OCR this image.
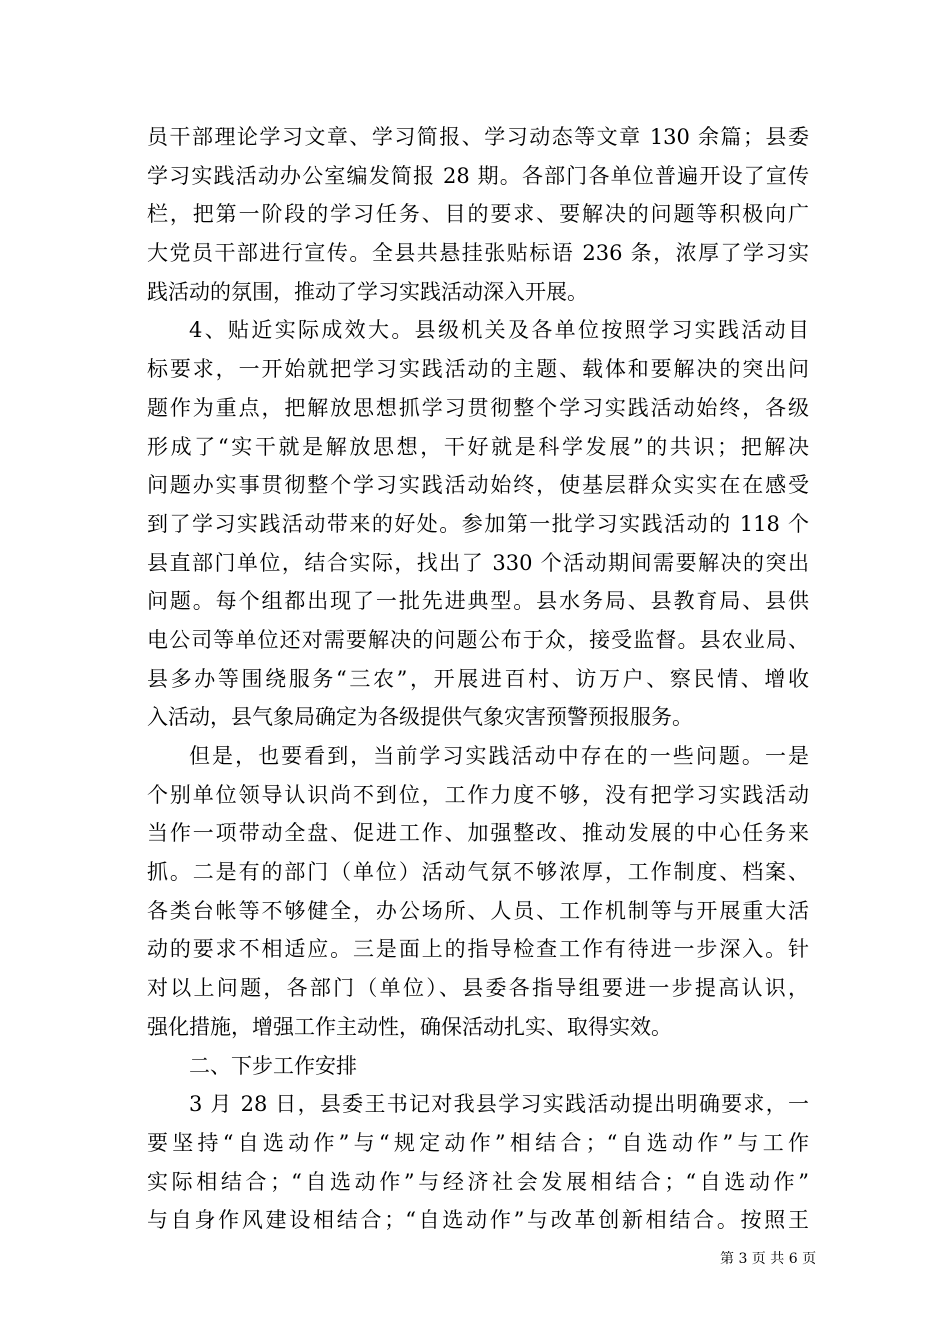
员干部理论学习文章、学习简报、学习动态等文章 130 余篇；县委
学习实践活动办公室编发简报 28 期。各部门各单位普遍开设了宣传
栏，把第一阶段的学习任务、目的要求、要解决的问题等积极向广
大党员干部进行宣传。全县共悬挂张贴标语 236 条，浓厚了学习实
践活动的氛围，推动了学习实践活动深入开展。
4、贴近实际成效大。县级机关及各单位按照学习实践活动目
标要求，一开始就把学习实践活动的主题、载体和要解决的突出问
题作为重点，把解放思想抓学习贯彻整个学习实践活动始终，各级
形成了“实干就是解放思想，干好就是科学发展”的共识；把解决
问题办实事贯彻整个学习实践活动始终，使基层群众实实在在感受
到了学习实践活动带来的好处。参加第一批学习实践活动的 118 个
县直部门单位，结合实际，找出了 330 个活动期间需要解决的突出
问题。每个组都出现了一批先进典型。县水务局、县教育局、县供
电公司等单位还对需要解决的问题公布于众，接受监督。县农业局、
县多办等围绕服务“三农”，开展进百村、访万户、察民情、增收
入活动，县气象局确定为各级提供气象灾害预警预报服务。
但是，也要看到，当前学习实践活动中存在的一些问题。一是
个别单位领导认识尚不到位，工作力度不够，没有把学习实践活动
当作一项带动全盘、促进工作、加强整改、推动发展的中心任务来
抓。二是有的部门（单位）活动气氛不够浓厚，工作制度、档案、
各类台帐等不够健全，办公场所、人员、工作机制等与开展重大活
动的要求不相适应。三是面上的指导检查工作有待进一步深入。针
对以上问题，各部门（单位）、县委各指导组要进一步提高认识，
强化措施，增强工作主动性，确保活动扎实、取得实效。
二、下步工作安排
3 月 28 日，县委王书记对我县学习实践活动提出明确要求，一
要坚持“自选动作”与“规定动作”相结合；“自选动作”与工作
实际相结合；“自选动作”与经济社会发展相结合；“自选动作”
与自身作风建设相结合；“自选动作”与改革创新相结合。按照王
第 3 页 共 6 页
